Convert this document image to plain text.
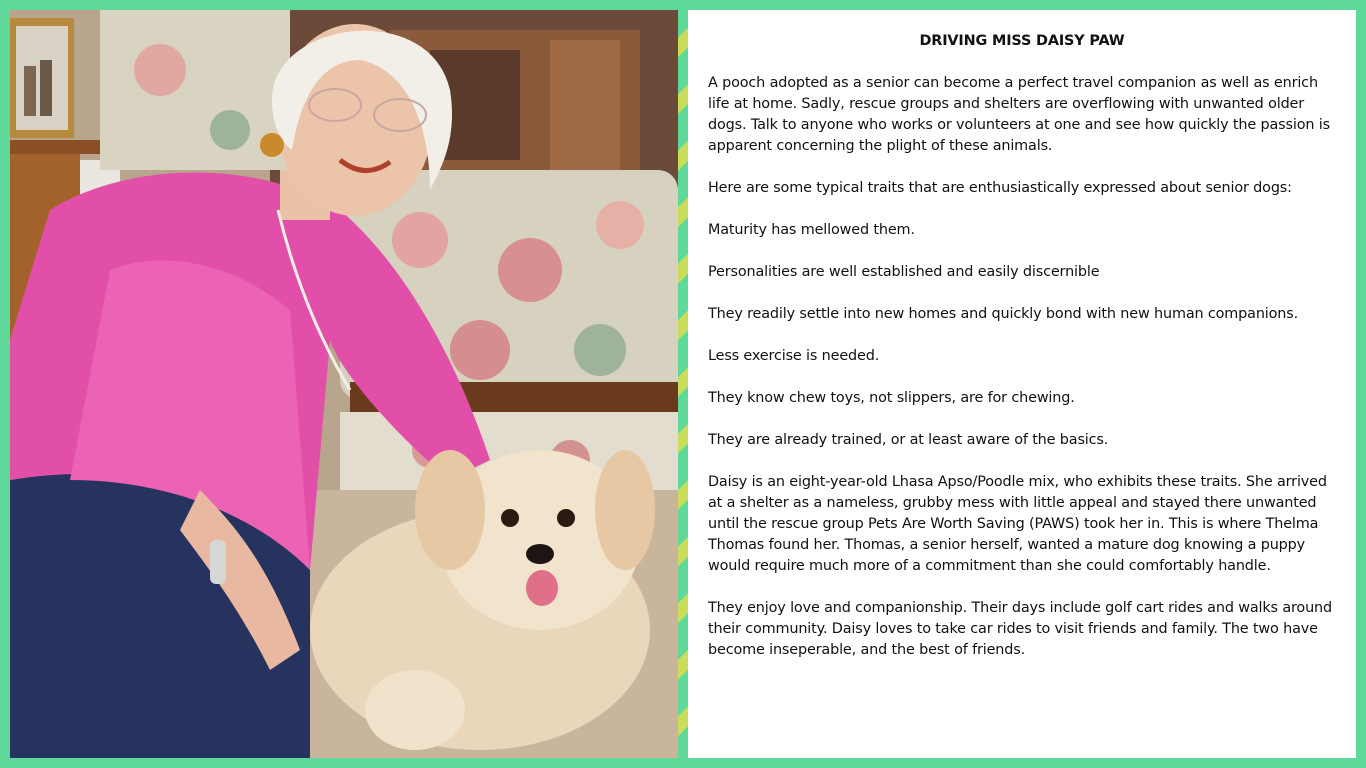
DRIVING MISS DAISY PAW

A pooch adopted as a senior can become a perfect travel companion as well as enrich life at home. Sadly, rescue groups and shelters are overflowing with unwanted older dogs. Talk to anyone who works or volunteers at one and see how quickly the passion is apparent concerning the plight of these animals.

Here are some typical traits that are enthusiastically expressed about senior dogs:

Maturity has mellowed them.

Personalities are well established and easily discernible

They readily settle into new homes and quickly bond with new human companions.

Less exercise is needed.

They know chew toys, not slippers, are for chewing.

They are already trained, or at least aware of the basics.

Daisy is an eight-year-old Lhasa Apso/Poodle mix, who exhibits these traits. She arrived at a shelter as a nameless, grubby mess with little appeal and stayed there unwanted until the rescue group Pets Are Worth Saving (PAWS) took her in. This is where Thelma Thomas found her. Thomas, a senior herself, wanted a mature dog knowing a puppy would require much more of a commitment than she could comfortably handle.

They enjoy love and companionship. Their days include golf cart rides and walks around their community. Daisy loves to take car rides to visit friends and family. The two have become inseperable, and the best of friends.
